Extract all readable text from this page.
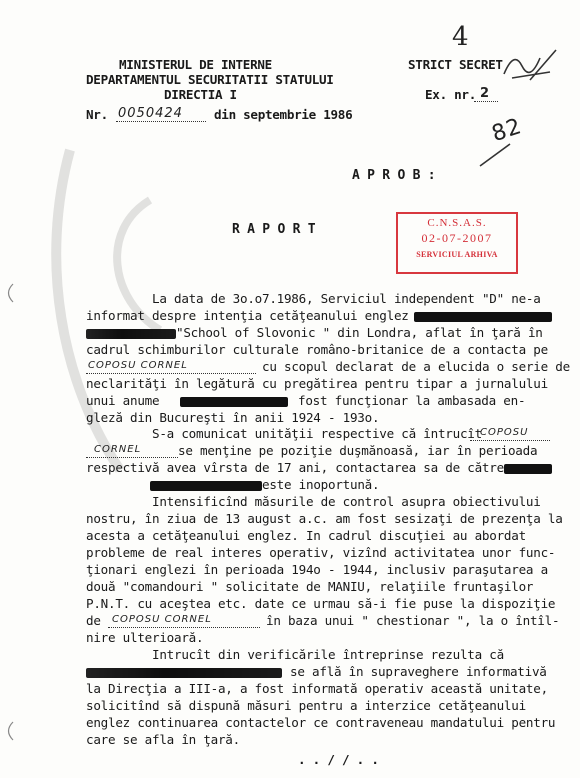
MINISTERUL DE INTERNE
DEPARTAMENTUL SECURITATII STATULUI
DIRECTIA I
Nr. 0050424 din septembrie 1986
STRICT SECRET
Ex. nr. 2
4
82
A P R O B :
R A P O R T	C.N.S.A.S.
02-07-2007
SERVICIUL ARHIVA
La data de 3o.o7.1986, Serviciul independent "D" ne-a
informat despre intenţia cetăţeanului englez
"School of Slovonic " din Londra, aflat în ţară în
cadrul schimburilor culturale româno-britanice de a contacta pe
COPOSU CORNEL	cu scopul declarat de a elucida o serie de
neclarităţi în legătură cu pregătirea pentru tipar a jurnalului
unui anume	fost funcţionar la ambasada en-
gleză din Bucureşti în anii 1924 - 193o.
S-a comunicat unităţii respective că întrucît
COPOSU
CORNEL	se menţine pe poziţie duşmănoasă, iar în perioada
respectivă avea vîrsta de 17 ani, contactarea sa de către
este inoportună.
Intensificînd măsurile de control asupra obiectivului
nostru, în ziua de 13 august a.c. am fost sesizaţi de prezenţa la
acesta a cetăţeanului englez. In cadrul discuţiei au abordat
probleme de real interes operativ, vizînd activitatea unor func-
ţionari englezi în perioada 194o - 1944, inclusiv paraşutarea a
două "comandouri " solicitate de MANIU, relaţiile fruntaşilor
P.N.T. cu aceştea etc. date ce urmau să-i fie puse la dispoziţie
de COPOSU CORNEL	în baza unui " chestionar ", la o întîl-
nire ulterioară.
Intrucît din verificările întreprinse rezulta că
se află în supraveghere informativă
la Direcţia a III-a, a fost informată operativ această unitate,
solicitînd să dispună măsuri pentru a interzice cetăţeanului
englez continuarea contactelor ce contraveneau mandatului pentru
care se afla în ţară.
. . / / . .
